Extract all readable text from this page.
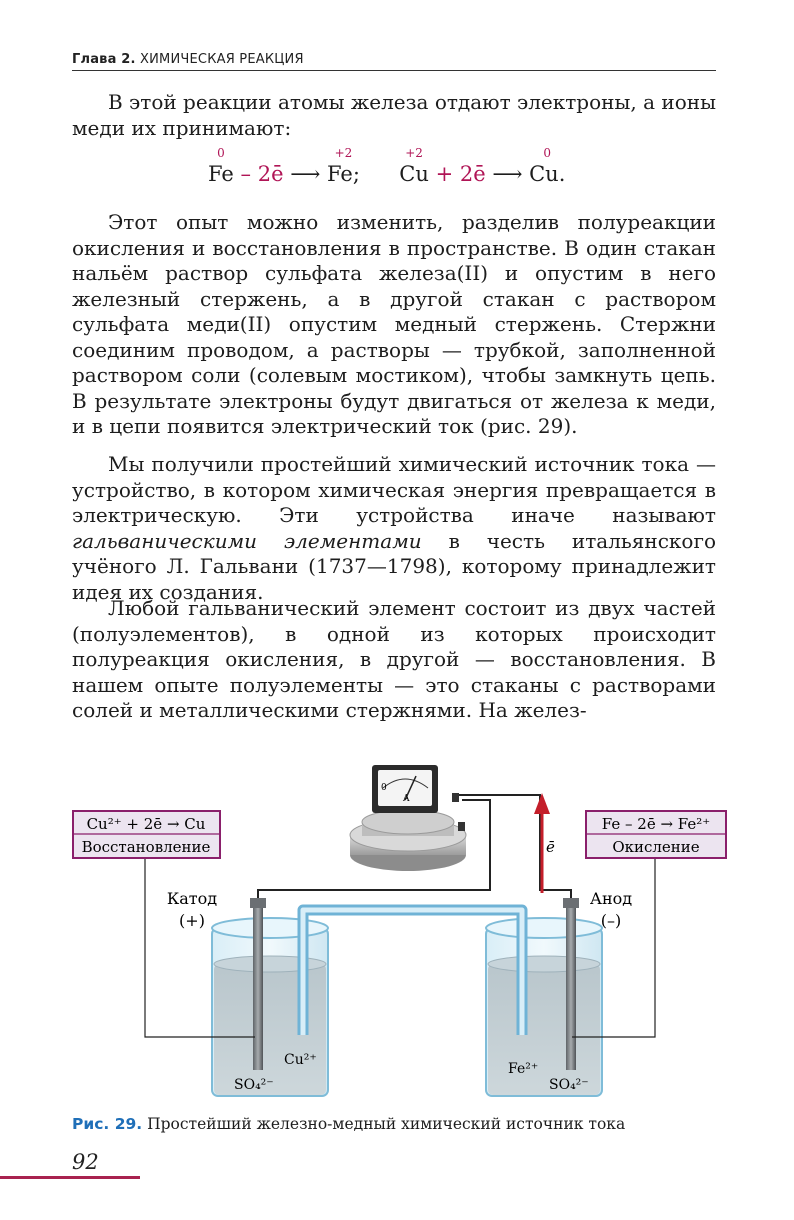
Глава 2. ХИМИЧЕСКАЯ РЕАКЦИЯ

В этой реакции атомы железа отдают электроны, а ионы меди их принимают:

0
Fe – 2ē ⟶
+2
Fe;
+2
Cu + 2ē ⟶
0
Cu.

Этот опыт можно изменить, разделив полуреакции окисления и восстановления в пространстве. В один стакан нальём раствор сульфата железа(II) и опустим в него железный стержень, а в другой стакан с раствором сульфата меди(II) опустим медный стержень. Стержни соединим проводом, а растворы — трубкой, заполненной раствором соли (солевым мостиком), чтобы замкнуть цепь. В результате электроны будут двигаться от железа к меди, и в цепи появится электрический ток (рис. 29).

Мы получили простейший химический источник тока — устройство, в котором химическая энергия превращается в электрическую. Эти устройства иначе называют гальваническими элементами в честь итальянского учёного Л. Гальвани (1737—1798), которому принадлежит идея их создания.

Любой гальванический элемент состоит из двух частей (полуэлементов), в одной из которых происходит полуреакция окисления, в другой — восстановления. В нашем опыте полуэлементы — это стаканы с растворами солей и металлическими стержнями. На желез-

0
A
ē
Cu²⁺ + 2ē → Cu
Восстановление
Fe – 2ē → Fe²⁺
Окисление
Катод
(+)
Анод
(–)
Cu²⁺
SO₄²⁻
Fe²⁺
SO₄²⁻
Рис. 29. Простейший железно-медный химический источник тока
92
